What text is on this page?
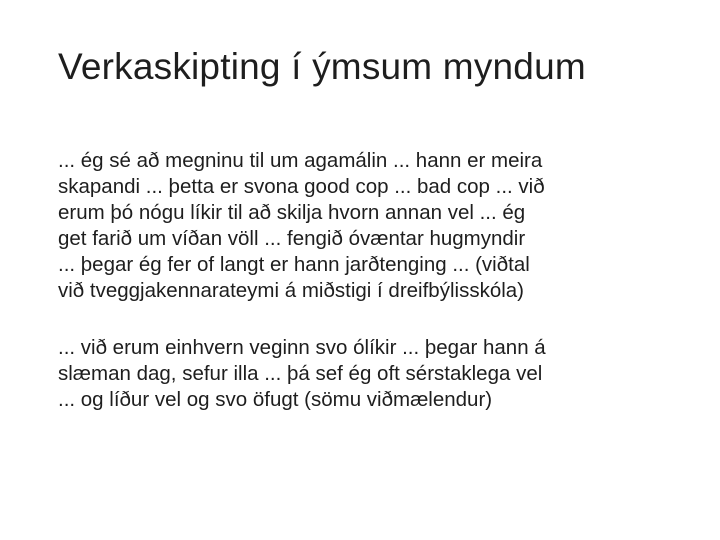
Verkaskipting í ýmsum myndum

... ég sé að megninu til um agamálin ... hann er meira
skapandi ... þetta er svona good cop ... bad cop ... við
erum þó nógu líkir til að skilja hvorn annan vel ... ég
get farið um víðan völl ... fengið óvæntar hugmyndir
... þegar ég fer of langt er hann jarðtenging ... (viðtal
við tveggjakennarateymi á miðstigi í dreifbýlisskóla)

... við erum einhvern veginn svo ólíkir ... þegar hann á
slæman dag, sefur illa ... þá sef ég oft sérstaklega vel
... og líður vel og svo öfugt (sömu viðmælendur)
